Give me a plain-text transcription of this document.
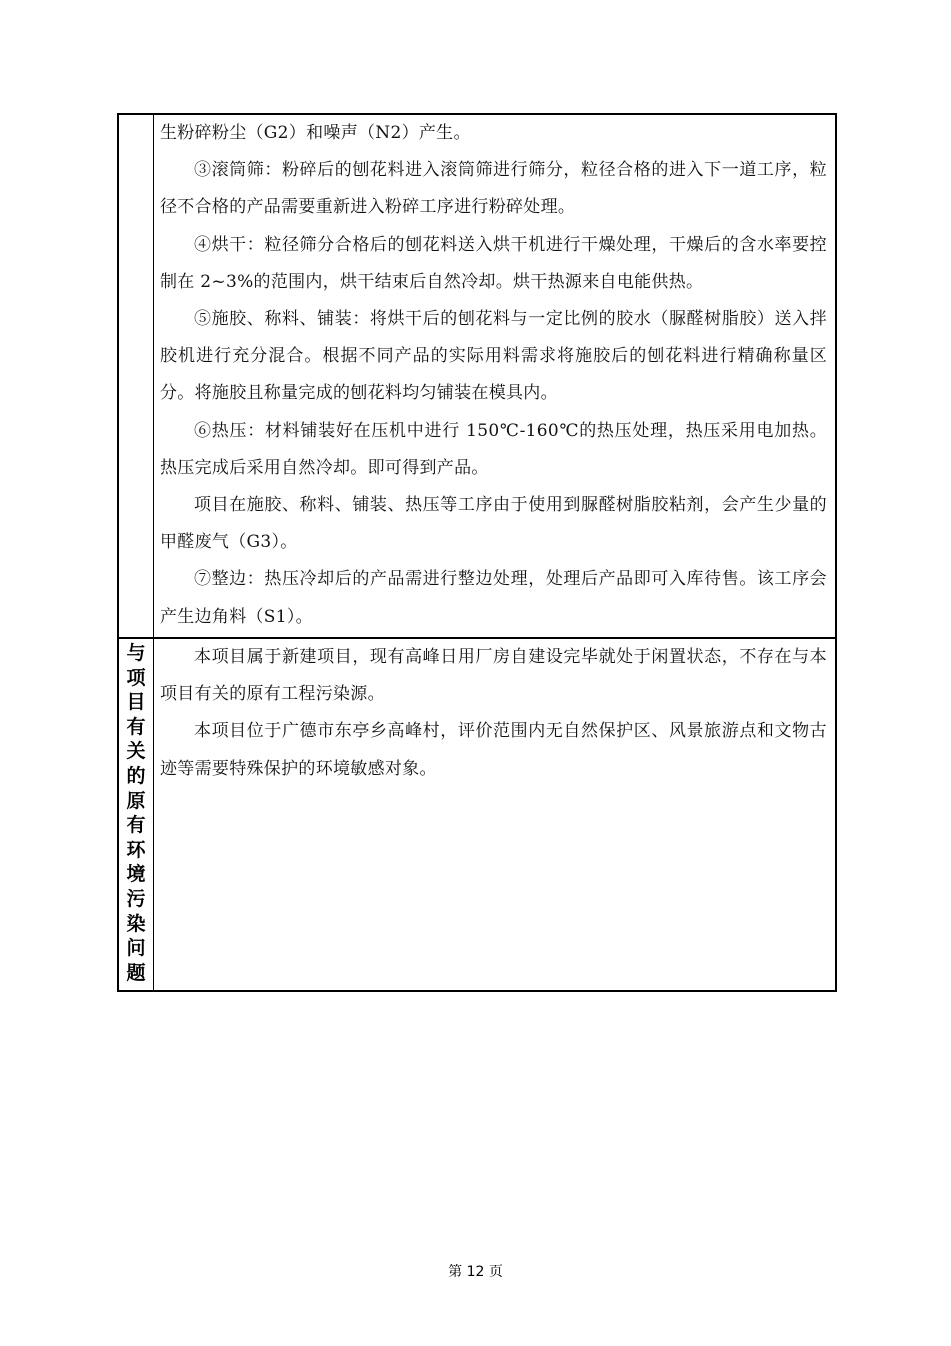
生粉碎粉尘（G2）和噪声（N2）产生。

③滚筒筛：粉碎后的刨花料进入滚筒筛进行筛分，粒径合格的进入下一道工序，粒径不合格的产品需要重新进入粉碎工序进行粉碎处理。

④烘干：粒径筛分合格后的刨花料送入烘干机进行干燥处理，干燥后的含水率要控制在 2~3%的范围内，烘干结束后自然冷却。烘干热源来自电能供热。

⑤施胶、称料、铺装：将烘干后的刨花料与一定比例的胶水（脲醛树脂胶）送入拌胶机进行充分混合。根据不同产品的实际用料需求将施胶后的刨花料进行精确称量区分。将施胶且称量完成的刨花料均匀铺装在模具内。

⑥热压：材料铺装好在压机中进行 150℃-160℃的热压处理，热压采用电加热。热压完成后采用自然冷却。即可得到产品。

项目在施胶、称料、铺装、热压等工序由于使用到脲醛树脂胶粘剂，会产生少量的甲醛废气（G3）。

⑦整边：热压冷却后的产品需进行整边处理，处理后产品即可入库待售。该工序会产生边角料（S1）。

与
项
目
有
关
的
原
有
环
境
污
染
问
题

本项目属于新建项目，现有高峰日用厂房自建设完毕就处于闲置状态，不存在与本项目有关的原有工程污染源。

本项目位于广德市东亭乡高峰村，评价范围内无自然保护区、风景旅游点和文物古迹等需要特殊保护的环境敏感对象。

第 12 页
